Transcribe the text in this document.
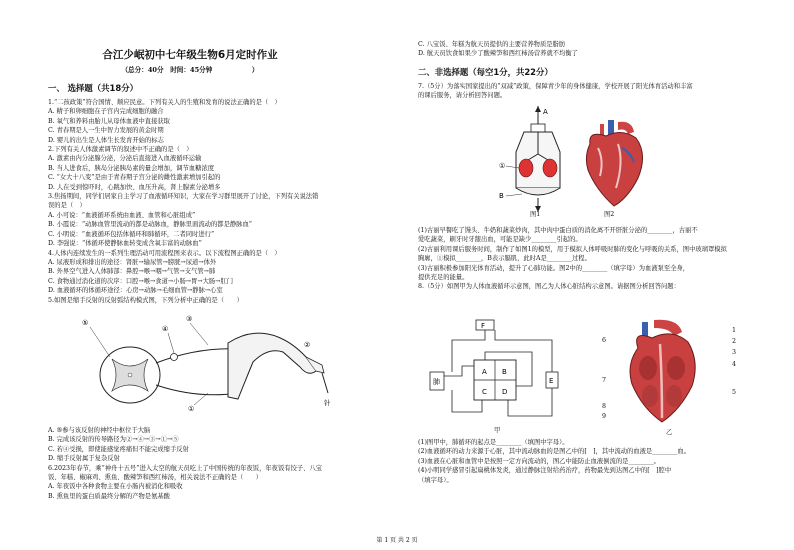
合江少岷初中七年级生物6月定时作业
（总分：40分　时间：45分钟　　　　　　）
一、 选择题（共18分）
1.“二孩政策”符合国情、顺应民意。下列有关人的生殖和发育的说法正确的是（　）
A. 精子和卵细胞在子宫内完成细胞的融合
B. 氧气和养料由胎儿从母体血液中直接获取
C. 青春期是人一生中智力发展的黄金时期
D. 婴儿的出生是人体生长发育开始的标志
2.下列有关人体激素调节的叙述中不正确的是（　）
A. 激素由内分泌腺分泌，分泌后直接进入血液循环运输
B. 当人进食后，胰岛分泌胰岛素的量会增加，调节血糖浓度
C. “女大十八变”是由于青春期子宫分泌的雌性激素增加引起的
D. 人在受到惊吓时，心跳加快、血压升高，肾上腺素分泌增多
3.焦扬期间，同学们居家自主学习了血液循环知识，大家在学习群里展开了讨论，下列有关说法错
误的是（　）
A. 小可说：“血液循环系统由血液、血管和心脏组成”
B. 小霞说：“动脉血管里流动的都是动脉血，静脉里面流动的都是静脉血”
C. 小明说：“血液循环包括体循环和肺循环，二者同时进行”
D. 李强说：“体循环使静脉血转变成含氧丰富的动脉血”
4.人体内连续发生的一系列生理活动可用流程图来表示。以下流程图正确的是（　）
A. 尿液形成和排出的途径：肾脏→输尿管→膀胱→尿道→体外
B. 外界空气进入人体肺部：鼻腔→喉→咽→气管→支气管→肺
C. 食物通过消化道的次序：口腔→喉→食道→小肠→胃→大肠→肛门
D. 血液循环的体循环途径：心房→动脉→毛细血管→静脉→心室
5.如图是缩手反射的反射弧结构模式图，下列分析中正确的是（　　）
③
④
⑤
①
②
针
A. ⑤参与该反射的神经中枢位于大脑
B. 完成该反射的传导路径为②→④→③→①→⑤
C. 若④受损，即使能感觉疼痛但不能完成缩手反射
D. 缩手反射属于复杂反射
6.2023年春节，乘“神舟十五号”进入太空的航天员吃上了中国传统的年夜饭，年夜饭有饺子、八宝
饭、年糕、椒麻鸡、熏鱼、酸辣笋和西红柿汤，相关说法不正确的是（　　）
A. 年夜饭中各种食物主要在小肠内被消化和吸收
B. 熏鱼里的蛋白质最终分解的产物是氨基酸
C. 八宝饭、年糕为航天员提供的主要营养物质是脂肪
D. 航天员饮食如果少了酸辣笋和西红柿汤营养就不均衡了
二、非选择题（每空1分，共22分）
7.（5分）为落实国家提出的“双减”政策，保障青少年的身体健康，学校开展了阳光体育活动和丰富
的课后服务，请分析回答问题。
A
①
B
图1	图2
(1)古丽早餐吃了馒头、牛奶和蔬菜炒肉，其中肉中蛋白质的消化离不开肝脏分泌的________，古丽不
爱吃蔬菜，刷牙时牙龈出血，可能是缺少________引起的。
(2)古丽利用课后服务时间，制作了如图1的模型，用于模拟人体呼吸时肺的变化与呼吸的关系，图中玻璃罩模拟
胸廓，①模拟________，B表示膈肌，此时A是________过程。
(3)古丽积极参加阳光体育活动，提升了心肺功能。图2中的________（填字母）为血液泵至全身，
提供充足的能量。
8.（5分）如图甲为人体血液循环示意图，图乙为人体心脏结构示意图。请据图分析回答问题：
F
肺
A B
C D
E
甲
1
2
3
4
5
6
7
8
9
乙
(1)图甲中，肺循环的起点是________（填图中字母）。
(2)血液循环的动力来源于心脏，其中流动脉血的是图乙中的[　]，其中流动的血液是________血。
(3)血液在心脏和血管中是按照一定方向流动的，图乙中能防止血液倒流的是________。
(4)小明同学感冒引起扁桃体发炎，通过静脉注射给药治疗，药物最先到达图乙中的[　]腔中
（填字母）。
第 1 页 共 2 页
